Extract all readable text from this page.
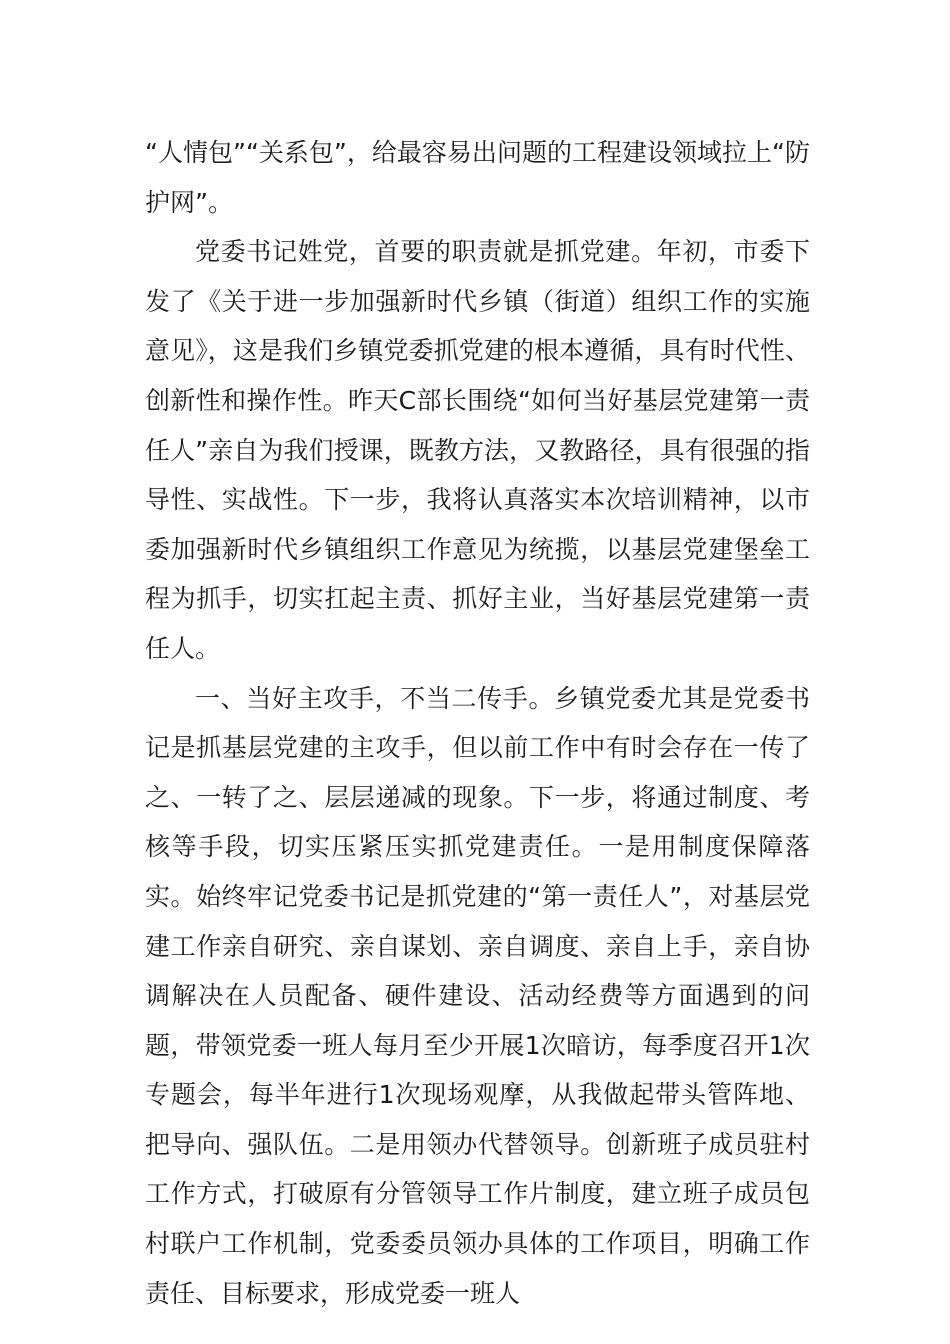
“人情包”“关系包”，给最容易出问题的工程建设领域拉上“防护网”。

党委书记姓党，首要的职责就是抓党建。年初，市委下发了《关于进一步加强新时代乡镇（街道）组织工作的实施意见》，这是我们乡镇党委抓党建的根本遵循，具有时代性、创新性和操作性。昨天C部长围绕“如何当好基层党建第一责任人”亲自为我们授课，既教方法，又教路径，具有很强的指导性、实战性。下一步，我将认真落实本次培训精神，以市委加强新时代乡镇组织工作意见为统揽，以基层党建堡垒工程为抓手，切实扛起主责、抓好主业，当好基层党建第一责任人。

一、当好主攻手，不当二传手。乡镇党委尤其是党委书记是抓基层党建的主攻手，但以前工作中有时会存在一传了之、一转了之、层层递减的现象。下一步，将通过制度、考核等手段，切实压紧压实抓党建责任。一是用制度保障落实。始终牢记党委书记是抓党建的“第一责任人”，对基层党建工作亲自研究、亲自谋划、亲自调度、亲自上手，亲自协调解决在人员配备、硬件建设、活动经费等方面遇到的问题，带领党委一班人每月至少开展1次暗访，每季度召开1次专题会，每半年进行1次现场观摩，从我做起带头管阵地、把导向、强队伍。二是用领办代替领导。创新班子成员驻村工作方式，打破原有分管领导工作片制度，建立班子成员包村联户工作机制，党委委员领办具体的工作项目，明确工作责任、目标要求，形成党委一班人
